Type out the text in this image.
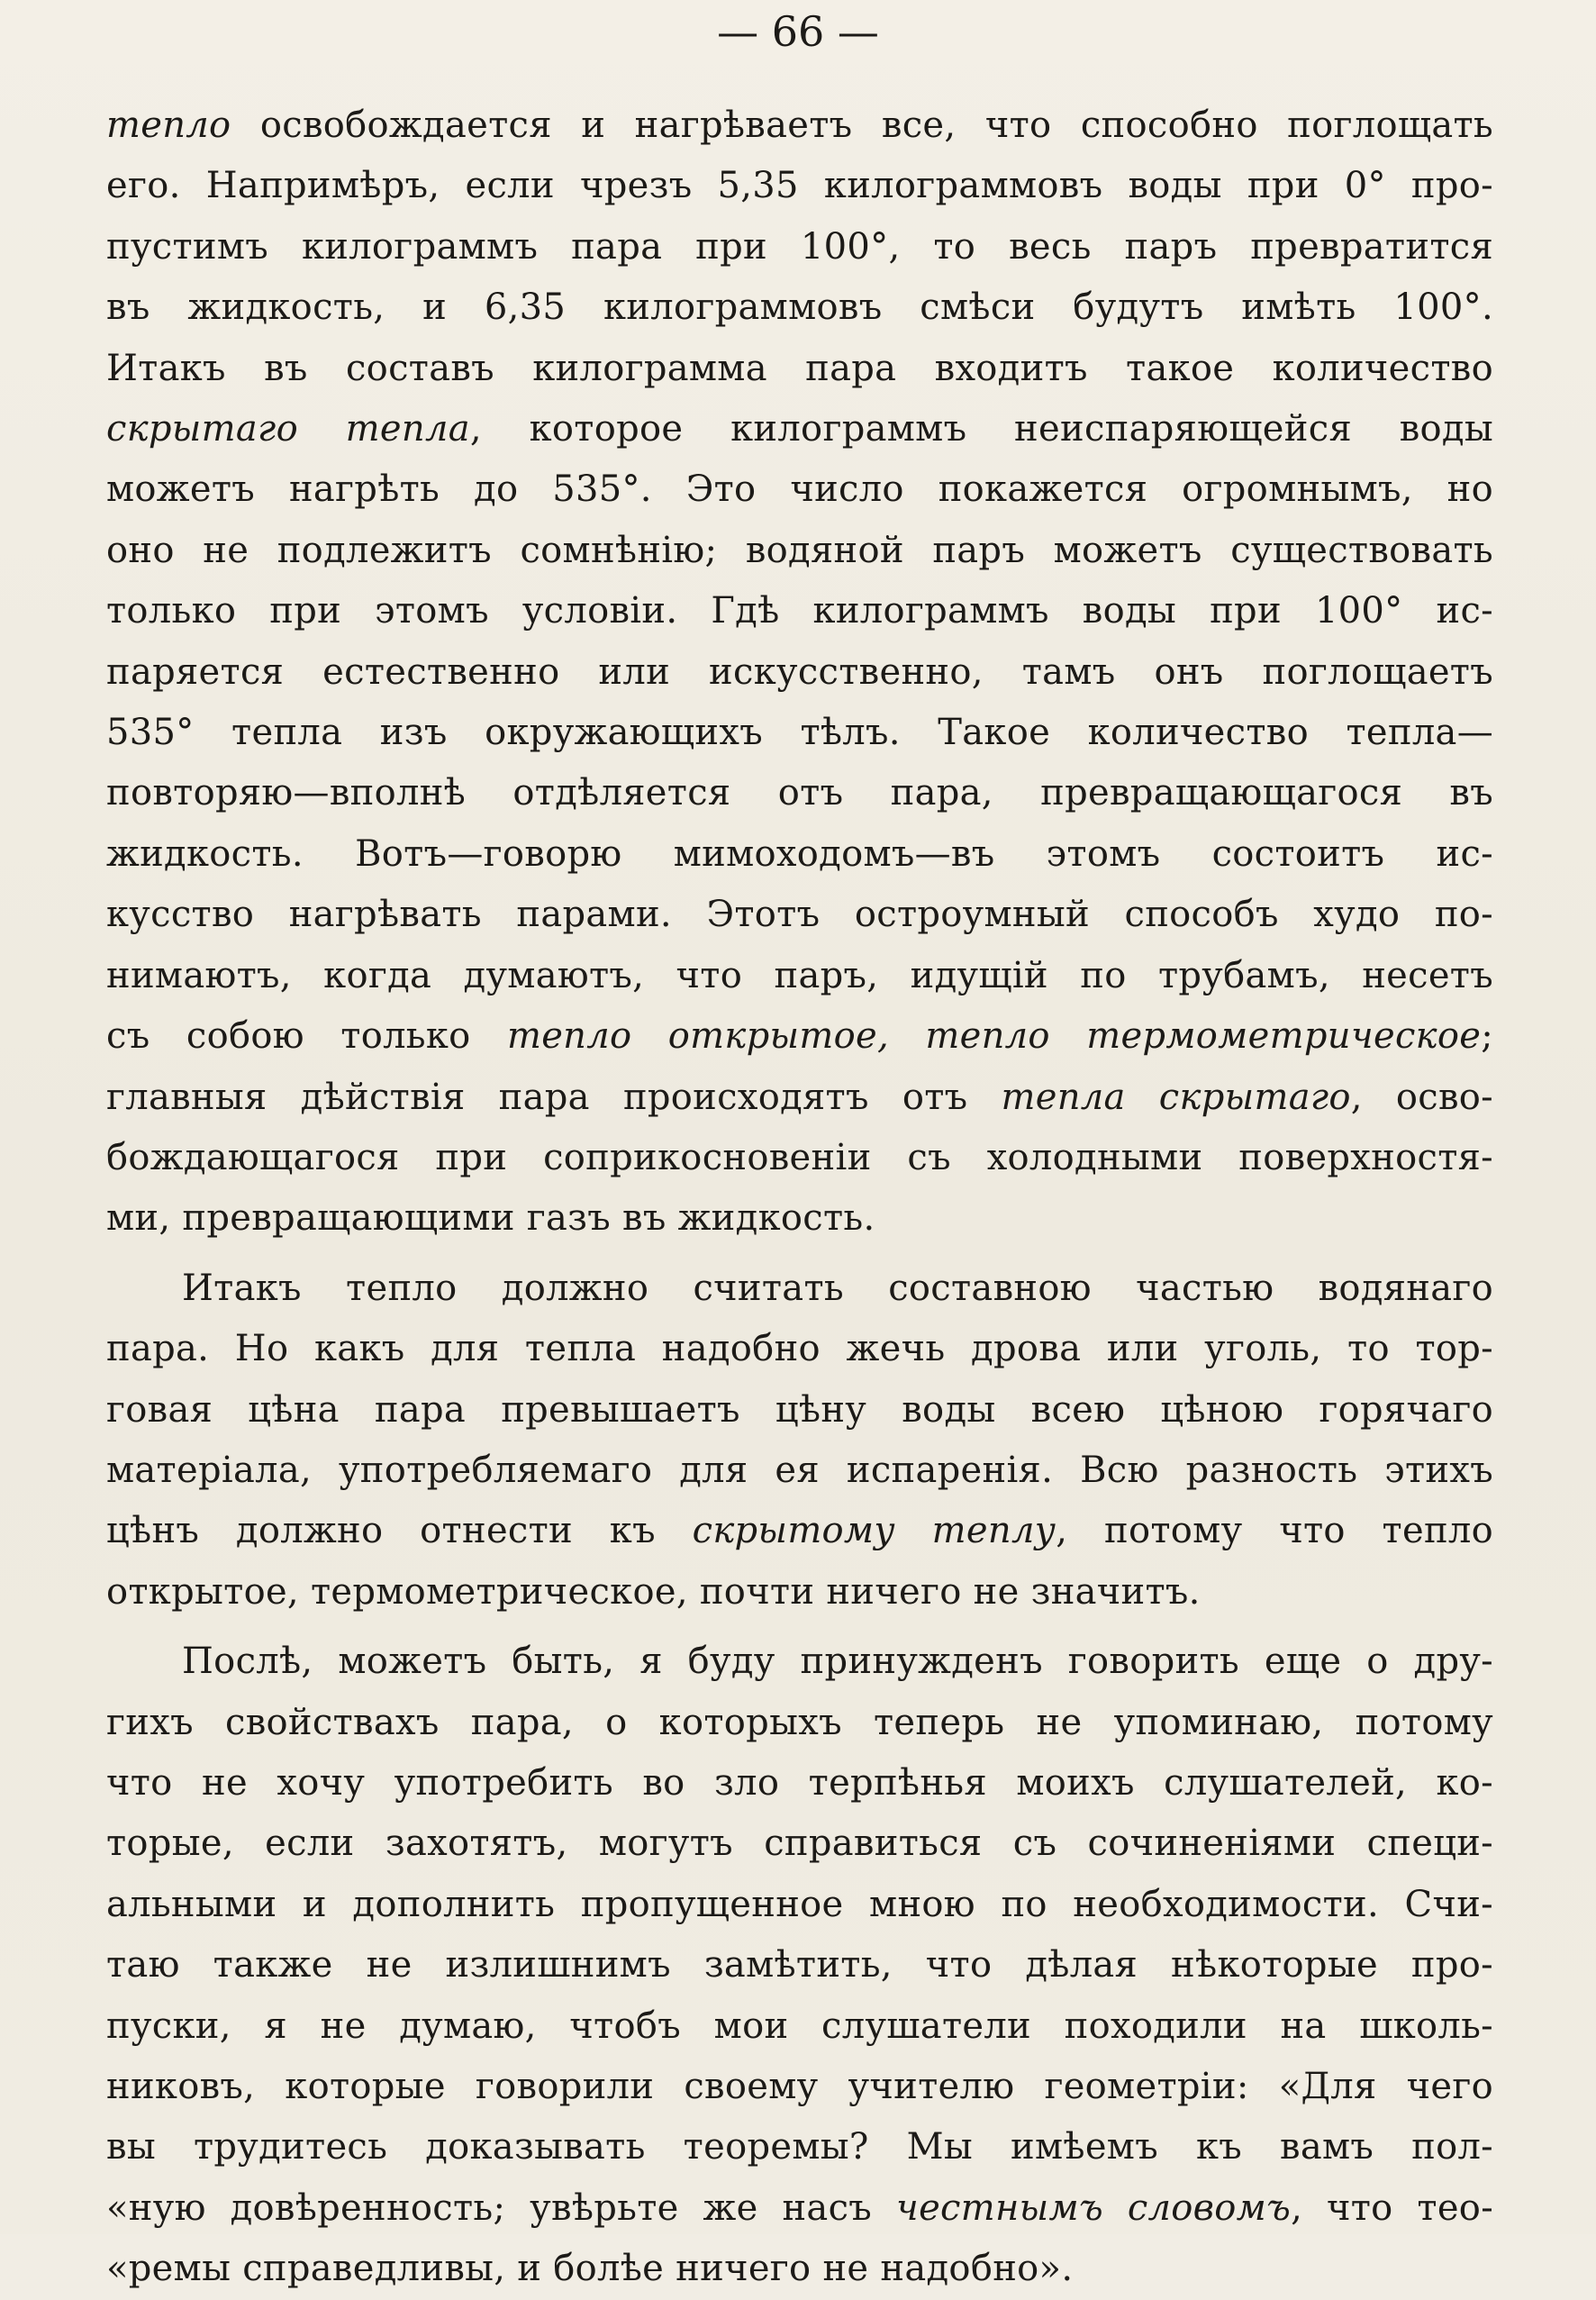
— 66 —
тепло освобождается и нагрѣваетъ все, что способно поглощать
его. Напримѣръ, если чрезъ 5,35 килограммовъ воды при 0° про-
пустимъ килограммъ пара при 100°, то весь паръ превратится
въ жидкость, и 6,35 килограммовъ смѣси будутъ имѣть 100°.
Итакъ въ составъ килограмма пара входитъ такое количество
скрытаго тепла, которое килограммъ неиспаряющейся воды
можетъ нагрѣть до 535°. Это число покажется огромнымъ, но
оно не подлежитъ сомнѣнію; водяной паръ можетъ существовать
только при этомъ условіи. Гдѣ килограммъ воды при 100° ис-
паряется естественно или искусственно, тамъ онъ поглощаетъ
535° тепла изъ окружающихъ тѣлъ. Такое количество тепла—
повторяю—вполнѣ отдѣляется отъ пара, превращающагося въ
жидкость. Вотъ—говорю мимоходомъ—въ этомъ состоитъ ис-
кусство нагрѣвать парами. Этотъ остроумный способъ худо по-
нимаютъ, когда думаютъ, что паръ, идущій по трубамъ, несетъ
съ собою только тепло открытое, тепло термометрическое;
главныя дѣйствія пара происходятъ отъ тепла скрытаго, осво-
бождающагося при соприкосновеніи съ холодными поверхностя-
ми, превращающими газъ въ жидкость.
Итакъ тепло должно считать составною частью водянаго
пара. Но какъ для тепла надобно жечь дрова или уголь, то тор-
говая цѣна пара превышаетъ цѣну воды всею цѣною горячаго
матеріала, употребляемаго для ея испаренія. Всю разность этихъ
цѣнъ должно отнести къ скрытому теплу, потому что тепло
открытое, термометрическое, почти ничего не значитъ.
Послѣ, можетъ быть, я буду принужденъ говорить еще о дру-
гихъ свойствахъ пара, о которыхъ теперь не упоминаю, потому
что не хочу употребить во зло терпѣнья моихъ слушателей, ко-
торые, если захотятъ, могутъ справиться съ сочиненіями специ-
альными и дополнить пропущенное мною по необходимости. Счи-
таю также не излишнимъ замѣтить, что дѣлая нѣкоторые про-
пуски, я не думаю, чтобъ мои слушатели походили на школь-
никовъ, которые говорили своему учителю геометріи: «Для чего
вы трудитесь доказывать теоремы? Мы имѣемъ къ вамъ пол-
«ную довѣренность; увѣрьте же насъ честнымъ словомъ, что тео-
«ремы справедливы, и болѣе ничего не надобно».
